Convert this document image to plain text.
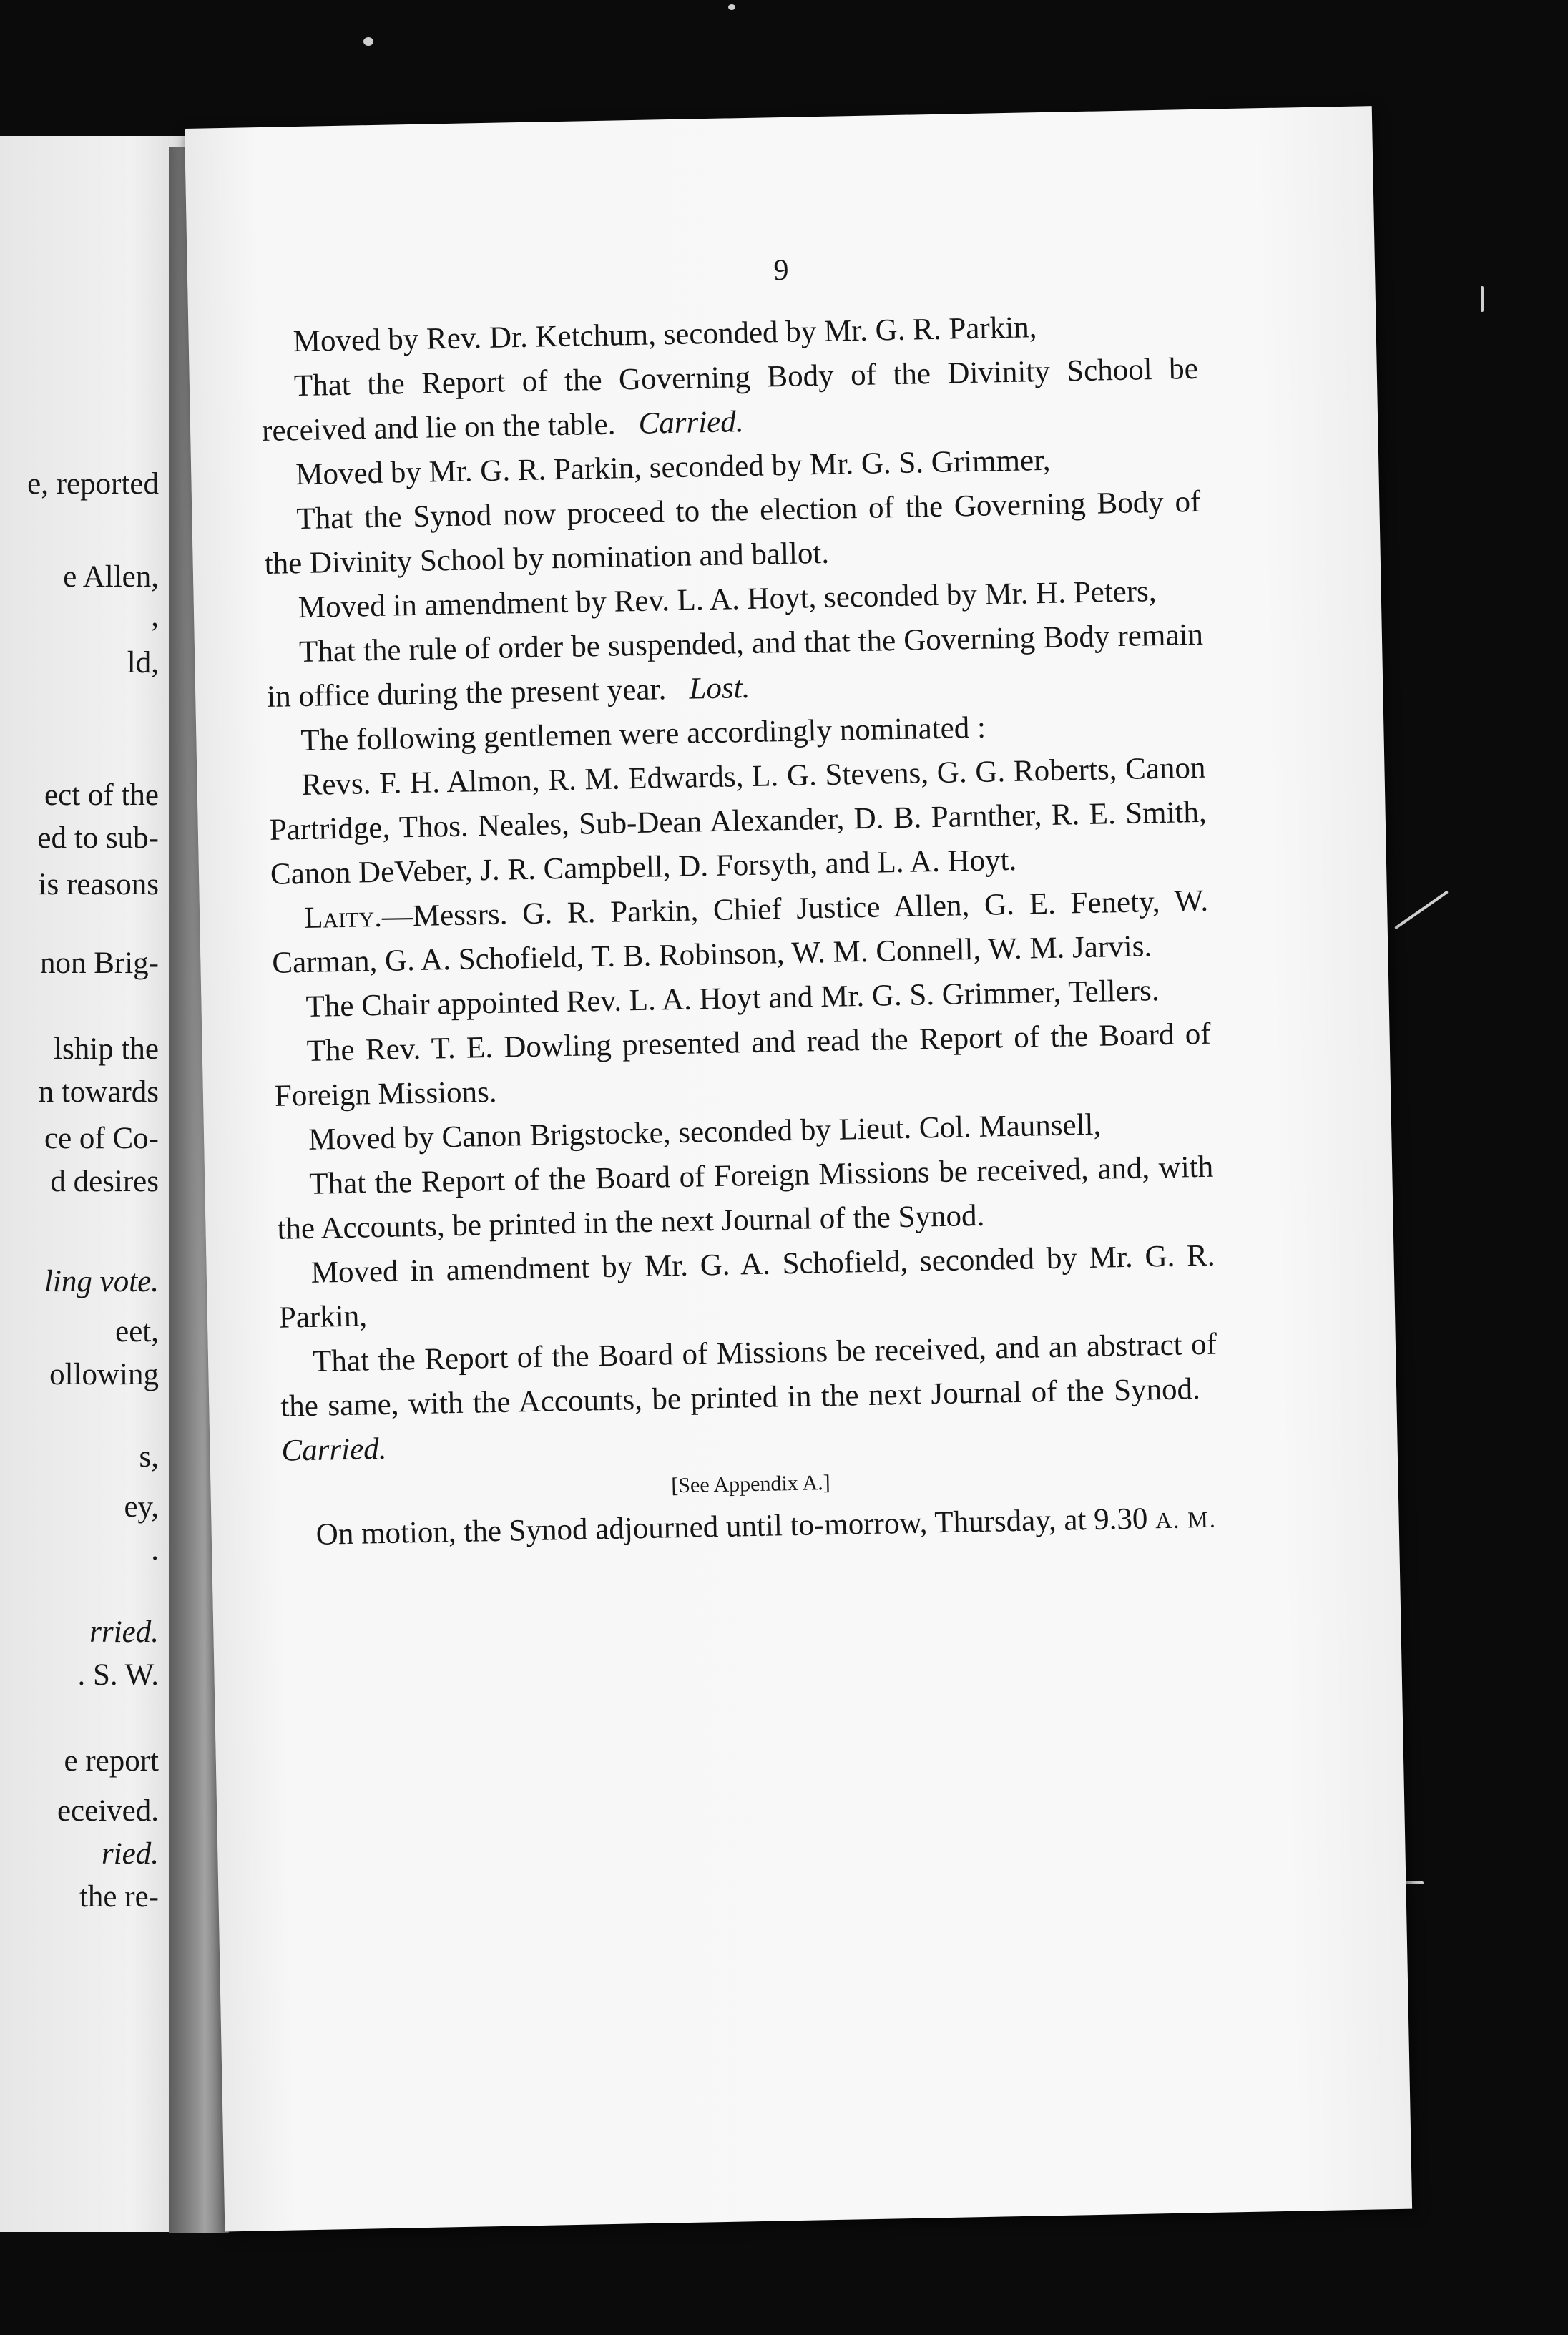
e, reported
e Allen,
,
ld,
ect of the
ed to sub-
is reasons
non Brig-
lship the
n towards
ce of Co-
d desires
ling vote.
eet,
ollowing
s,
ey,
.
rried.
. S. W.
e report
eceived.
ried.
the re-
9

Moved by Rev. Dr. Ketchum, seconded by Mr. G. R. Parkin,

That the Report of the Governing Body of the Divinity School be received and lie on the table. Carried.

Moved by Mr. G. R. Parkin, seconded by Mr. G. S. Grimmer,

That the Synod now proceed to the election of the Governing Body of the Divinity School by nomination and ballot.

Moved in amendment by Rev. L. A. Hoyt, seconded by Mr. H. Peters,

That the rule of order be suspended, and that the Governing Body remain in office during the present year. Lost.

The following gentlemen were accordingly nominated :

Revs. F. H. Almon, R. M. Edwards, L. G. Stevens, G. G. Roberts, Canon Partridge, Thos. Neales, Sub-Dean Alexander, D. B. Parnther, R. E. Smith, Canon DeVeber, J. R. Campbell, D. Forsyth, and L. A. Hoyt.

Laity.—Messrs. G. R. Parkin, Chief Justice Allen, G. E. Fenety, W. Carman, G. A. Schofield, T. B. Robinson, W. M. Connell, W. M. Jarvis.

The Chair appointed Rev. L. A. Hoyt and Mr. G. S. Grimmer, Tellers.

The Rev. T. E. Dowling presented and read the Report of the Board of Foreign Missions.

Moved by Canon Brigstocke, seconded by Lieut. Col. Maunsell,

That the Report of the Board of Foreign Missions be received, and, with the Accounts, be printed in the next Journal of the Synod.

Moved in amendment by Mr. G. A. Schofield, seconded by Mr. G. R. Parkin,

That the Report of the Board of Missions be received, and an abstract of the same, with the Accounts, be printed in the next Journal of the Synod.   Carried.

[See Appendix A.]

On motion, the Synod adjourned until to-morrow, Thursday, at 9.30 A. M.
